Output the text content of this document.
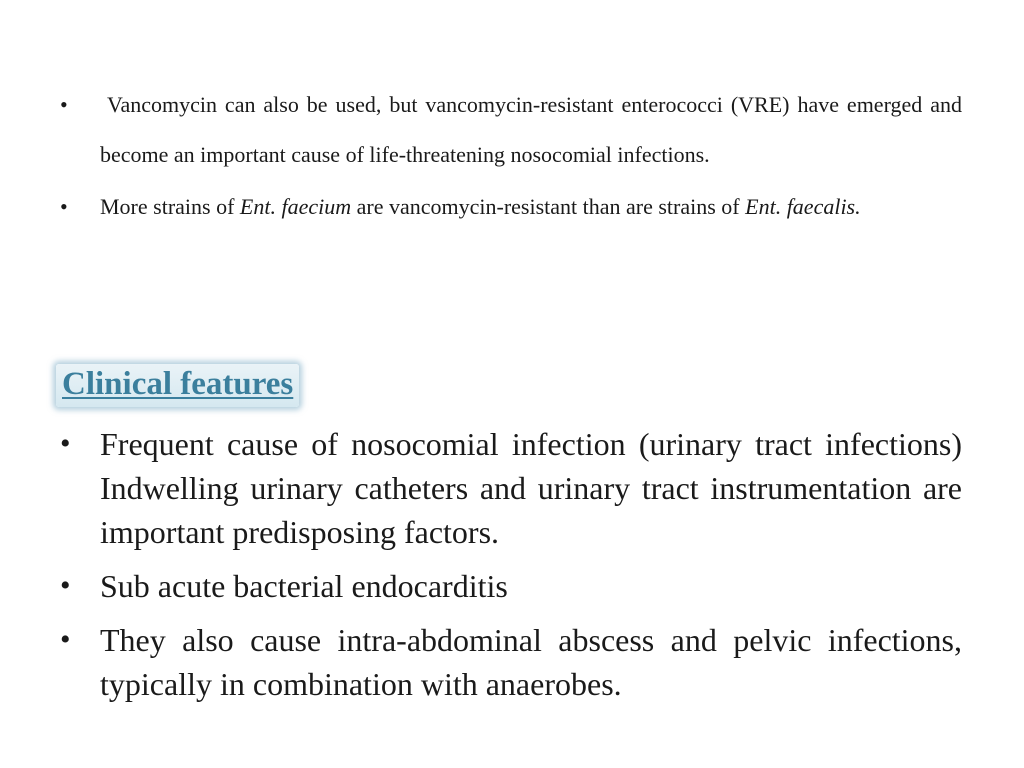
• Vancomycin can also be used, but vancomycin-resistant enterococci (VRE) have emerged and become an important cause of life-threatening nosocomial infections.
• More strains of Ent. faecium are vancomycin-resistant than are strains of Ent. faecalis.
Clinical features
• Frequent cause of nosocomial infection (urinary tract infections) Indwelling urinary catheters and urinary tract instrumentation are important predisposing factors.
• Sub acute bacterial endocarditis
• They also cause intra-abdominal abscess and pelvic infections, typically in combination with anaerobes.
